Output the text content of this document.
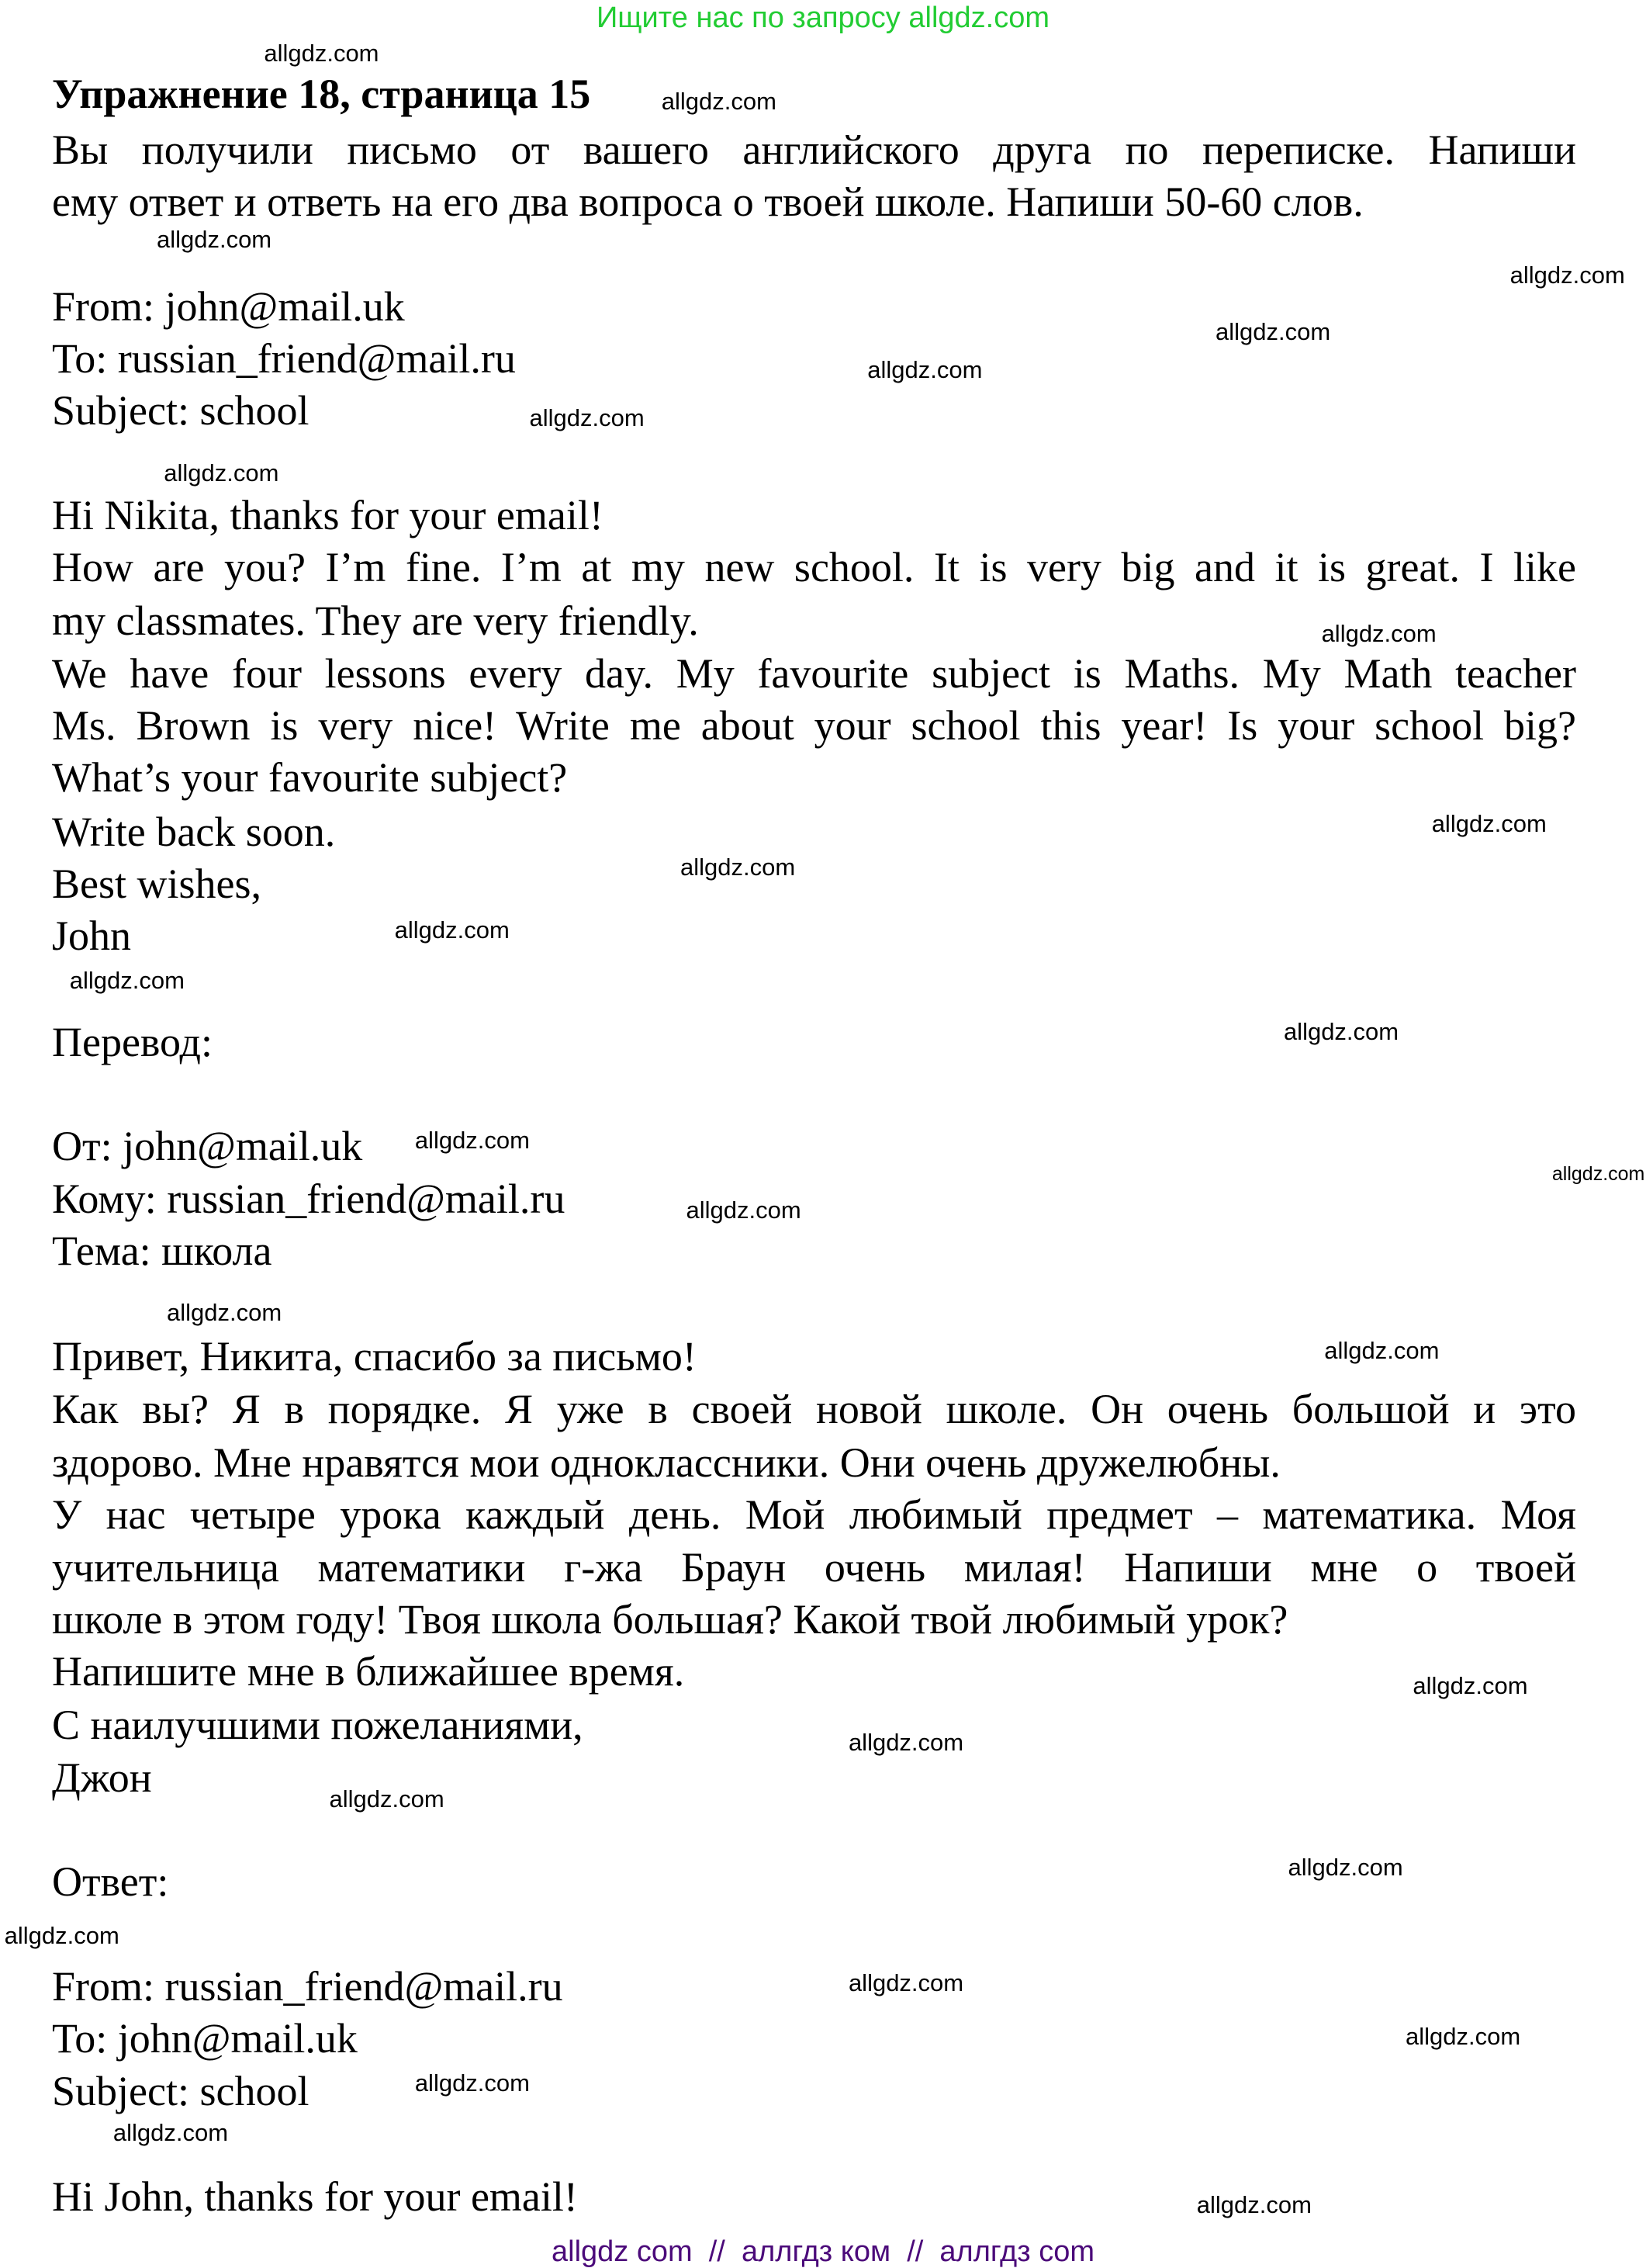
Ищите нас по запросу allgdz.com
Упражнение 18, страница 15
Вы получили письмо от вашего английского друга по переписке. Напиши
ему ответ и ответь на его два вопроса о твоей школе. Напиши 50-60 слов.
From: john@mail.uk
To: russian_friend@mail.ru
Subject: school
Hi Nikita, thanks for your email!
How are you? I’m fine. I’m at my new school. It is very big and it is great. I like
my classmates. They are very friendly.
We have four lessons every day. My favourite subject is Maths. My Math teacher
Ms. Brown is very nice! Write me about your school this year! Is your school big?
What’s your favourite subject?
Write back soon.
Best wishes,
John
Перевод:
От: john@mail.uk
Кому: russian_friend@mail.ru
Тема: школа
Привет, Никита, спасибо за письмо!
Как вы? Я в порядке. Я уже в своей новой школе. Он очень большой и это
здорово. Мне нравятся мои одноклассники. Они очень дружелюбны.
У нас четыре урока каждый день. Мой любимый предмет – математика. Моя
учительница математики г-жа Браун очень милая! Напиши мне о твоей
школе в этом году! Твоя школа большая? Какой твой любимый урок?
Напишите мне в ближайшее время.
С наилучшими пожеланиями,
Джон
Ответ:
From: russian_friend@mail.ru
To: john@mail.uk
Subject: school
Hi John, thanks for your email!
allgdz.com
allgdz.com
allgdz.com
allgdz.com
allgdz.com
allgdz.com
allgdz.com
allgdz.com
allgdz.com
allgdz.com
allgdz.com
allgdz.com
allgdz.com
allgdz.com
allgdz.com
allgdz.com
allgdz.com
allgdz.com
allgdz.com
allgdz.com
allgdz.com
allgdz.com
allgdz.com
allgdz.com
allgdz.com
allgdz.com
allgdz.com
allgdz.com
allgdz.com
allgdz com  //  аллгдз ком  //  аллгдз com
